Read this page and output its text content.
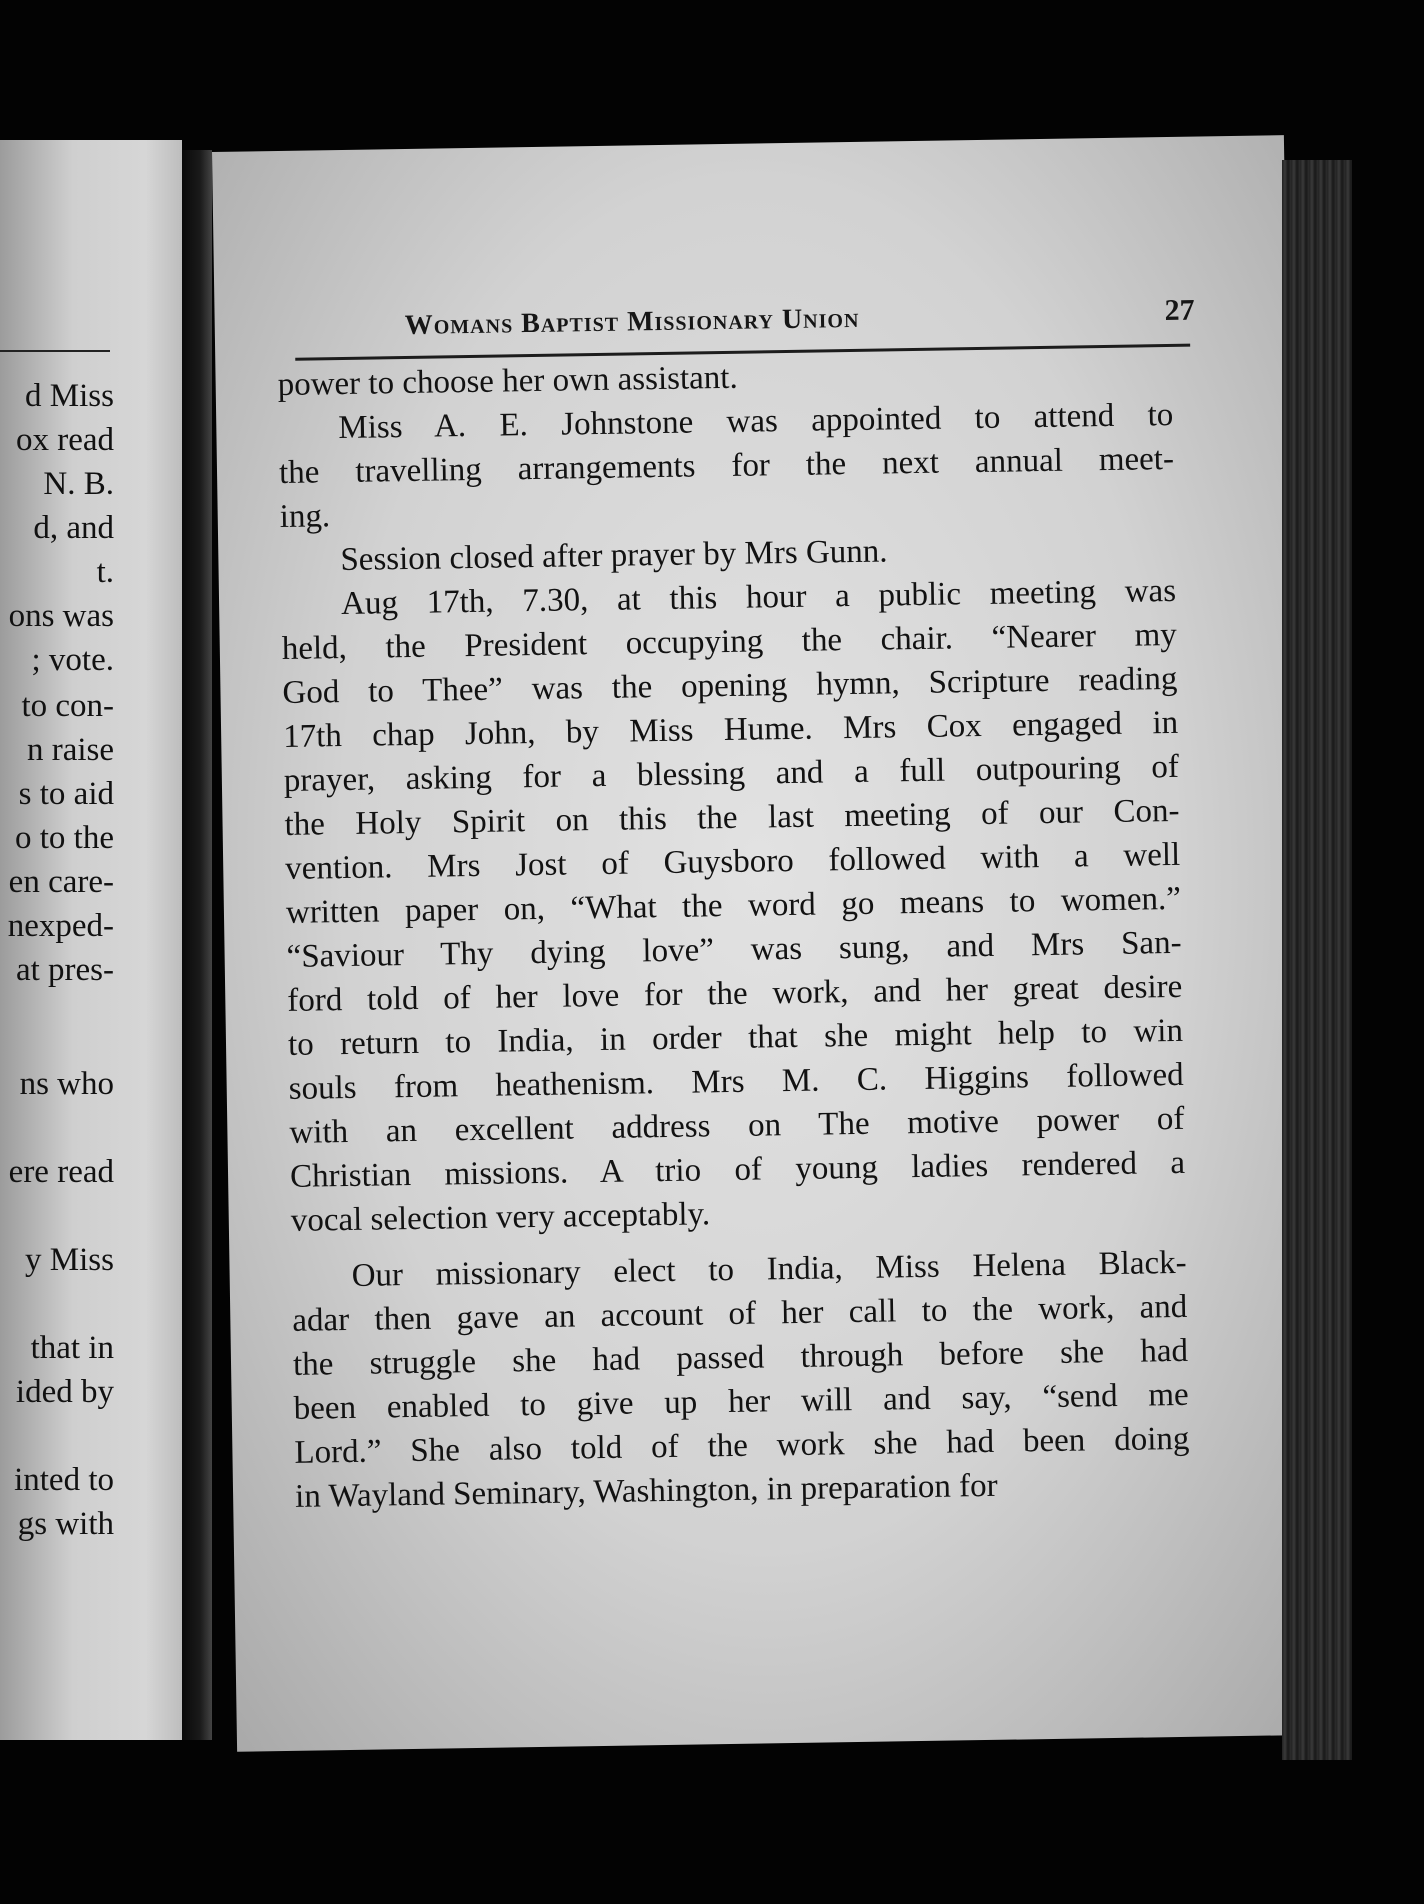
d Miss
ox read
N. B.
d, and
t.
ons was
; vote.
to con-
n raise
s to aid
o to the
en care-
nexped-
at pres-
ns who
ere read
y Miss
that in
ided by
inted to
gs with
Womans Baptist Missionary Union	27
power to choose her own assistant.
Miss A. E. Johnstone was appointed to attend to
the travelling arrangements for the next annual meet-
ing.
Session closed after prayer by Mrs Gunn.
Aug 17th, 7.30, at this hour a public meeting was
held, the President occupying the chair. “Nearer my
God to Thee” was the opening hymn, Scripture reading
17th chap John, by Miss Hume. Mrs Cox engaged in
prayer, asking for a blessing and a full outpouring of
the Holy Spirit on this the last meeting of our Con-
vention. Mrs Jost of Guysboro followed with a well
written paper on, “What the word go means to women.”
“Saviour Thy dying love” was sung, and Mrs San-
ford told of her love for the work, and her great desire
to return to India, in order that she might help to win
souls from heathenism. Mrs M. C. Higgins followed
with an excellent address on The motive power of
Christian missions. A trio of young ladies rendered a
vocal selection very acceptably.
Our missionary elect to India, Miss Helena Black-
adar then gave an account of her call to the work, and
the struggle she had passed through before she had
been enabled to give up her will and say, “send me
Lord.” She also told of the work she had been doing
in Wayland Seminary, Washington, in preparation for
